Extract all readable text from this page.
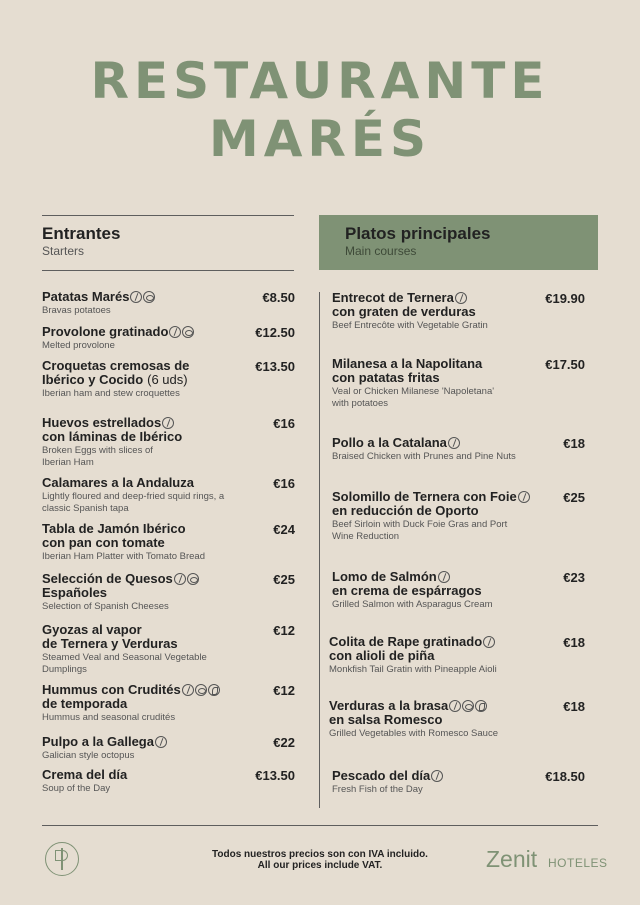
RESTAURANTE
MARÉS
Entrantes
Starters
Platos principales
Main courses
Patatas Marés
Bravas potatoes
€8.50
Provolone gratinado
Melted provolone
€12.50
Croquetas cremosas de
Ibérico y Cocido (6 uds)
Iberian ham and stew croquettes
€13.50
Huevos estrellados
con láminas de Ibérico
Broken Eggs with slices of
Iberian Ham
€16
Calamares a la Andaluza
Lightly floured and deep-fried squid rings, a
classic Spanish tapa
€16
Tabla de Jamón Ibérico
con pan con tomate
Iberian Ham Platter with Tomato Bread
€24
Selección de Quesos
Españoles
Selection of Spanish Cheeses
€25
Gyozas al vapor
de Ternera y Verduras
Steamed Veal and Seasonal Vegetable
Dumplings
€12
Hummus con Crudités
de temporada
Hummus and seasonal crudités
€12
Pulpo a la Gallega
Galician style octopus
€22
Crema del día
Soup of the Day
€13.50
Entrecot de Ternera
con graten de verduras
Beef Entrecôte with Vegetable Gratin
€19.90
Milanesa a la Napolitana
con patatas fritas
Veal or Chicken Milanese 'Napoletana'
with potatoes
€17.50
Pollo a la Catalana
Braised Chicken with Prunes and Pine Nuts
€18
Solomillo de Ternera con Foie
en reducción de Oporto
Beef Sirloin with Duck Foie Gras and Port
Wine Reduction
€25
Lomo de Salmón
en crema de espárragos
Grilled Salmon with Asparagus Cream
€23
Colita de Rape gratinado
con alioli de piña
Monkfish Tail Gratin with Pineapple Aioli
€18
Verduras a la brasa
en salsa Romesco
Grilled Vegetables with Romesco Sauce
€18
Pescado del día
Fresh Fish of the Day
€18.50
Todos nuestros precios son con IVA incluido.
All our prices include VAT.	Zenit HOTELES
